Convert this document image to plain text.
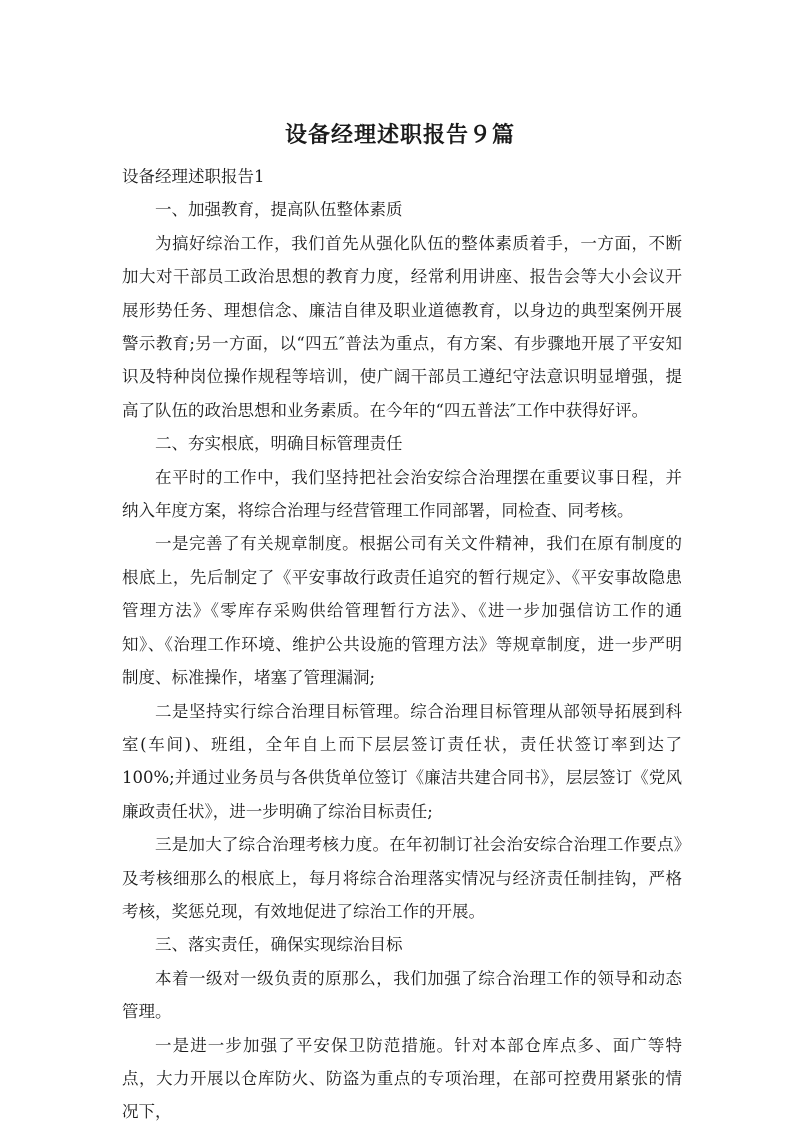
设备经理述职报告９篇

设备经理述职报告1

一、加强教育，提高队伍整体素质

为搞好综治工作，我们首先从强化队伍的整体素质着手，一方面，不断加大对干部员工政治思想的教育力度，经常利用讲座、报告会等大小会议开展形势任务、理想信念、廉洁自律及职业道德教育，以身边的典型案例开展警示教育;另一方面，以“四五″普法为重点，有方案、有步骤地开展了平安知识及特种岗位操作规程等培训，使广阔干部员工遵纪守法意识明显增强，提高了队伍的政治思想和业务素质。在今年的“四五普法″工作中获得好评。

二、夯实根底，明确目标管理责任

在平时的工作中，我们坚持把社会治安综合治理摆在重要议事日程，并纳入年度方案，将综合治理与经营管理工作同部署，同检查、同考核。

一是完善了有关规章制度。根据公司有关文件精神，我们在原有制度的根底上，先后制定了《平安事故行政责任追究的暂行规定》、《平安事故隐患管理方法》《零库存采购供给管理暂行方法》、《进一步加强信访工作的通知》、《治理工作环境、维护公共设施的管理方法》等规章制度，进一步严明制度、标准操作，堵塞了管理漏洞;

二是坚持实行综合治理目标管理。综合治理目标管理从部领导拓展到科室(车间)、班组，全年自上而下层层签订责任状，责任状签订率到达了100%;并通过业务员与各供货单位签订《廉洁共建合同书》，层层签订《党风廉政责任状》，进一步明确了综治目标责任;

三是加大了综合治理考核力度。在年初制订社会治安综合治理工作要点》及考核细那么的根底上，每月将综合治理落实情况与经济责任制挂钩，严格考核，奖惩兑现，有效地促进了综治工作的开展。

三、落实责任，确保实现综治目标

本着一级对一级负责的原那么，我们加强了综合治理工作的领导和动态管理。

一是进一步加强了平安保卫防范措施。针对本部仓库点多、面广等特点，大力开展以仓库防火、防盗为重点的专项治理，在部可控费用紧张的情况下，
